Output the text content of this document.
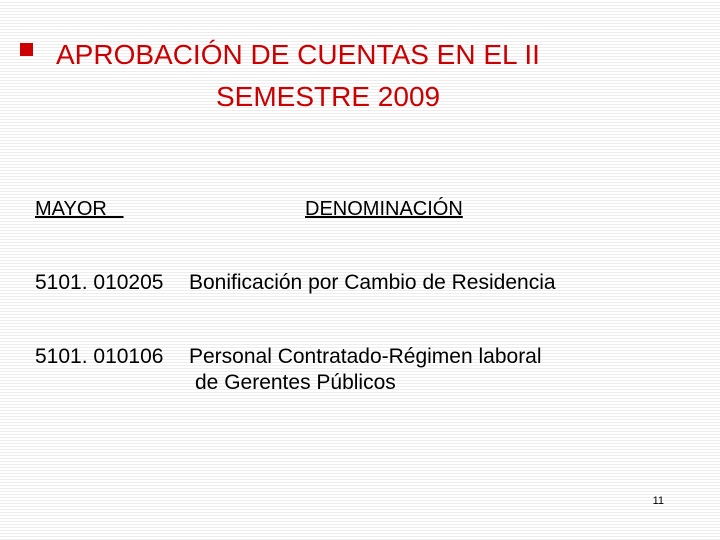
APROBACIÓN DE CUENTAS EN EL II
SEMESTRE 2009
MAYOR	DENOMINACIÓN
5101. 010205 Bonificación por Cambio de Residencia
5101. 010106 Personal Contratado-Régimen laboral
de Gerentes Públicos
11
